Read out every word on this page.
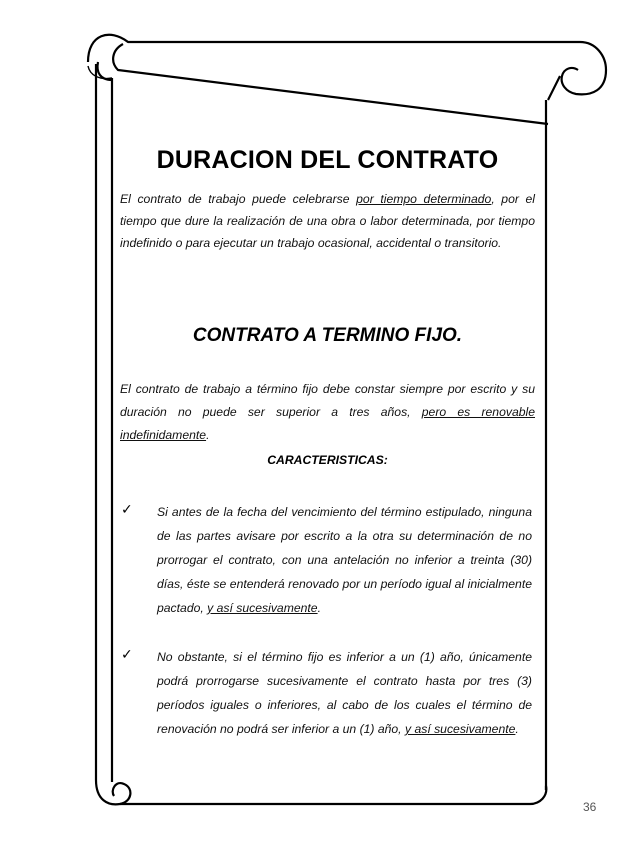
DURACION DEL CONTRATO

El contrato de trabajo puede celebrarse por tiempo determinado, por el tiempo que dure la realización de una obra o labor determinada, por tiempo indefinido o para ejecutar un trabajo ocasional, accidental o transitorio.

CONTRATO A TERMINO FIJO.

El contrato de trabajo a término fijo debe constar siempre por escrito y su duración no puede ser superior a tres años, pero es renovable indefinidamente.

CARACTERISTICAS:
✓ Si antes de la fecha del vencimiento del término estipulado, ninguna de las partes avisare por escrito a la otra su determinación de no prorrogar el contrato, con una antelación no inferior a treinta (30) días, éste se entenderá renovado por un período igual al inicialmente pactado, y así sucesivamente.

✓ No obstante, si el término fijo es inferior a un (1) año, únicamente podrá prorrogarse sucesivamente el contrato hasta por tres (3) períodos iguales o inferiores, al cabo de los cuales el término de renovación no podrá ser inferior a un (1) año, y así sucesivamente.

36
